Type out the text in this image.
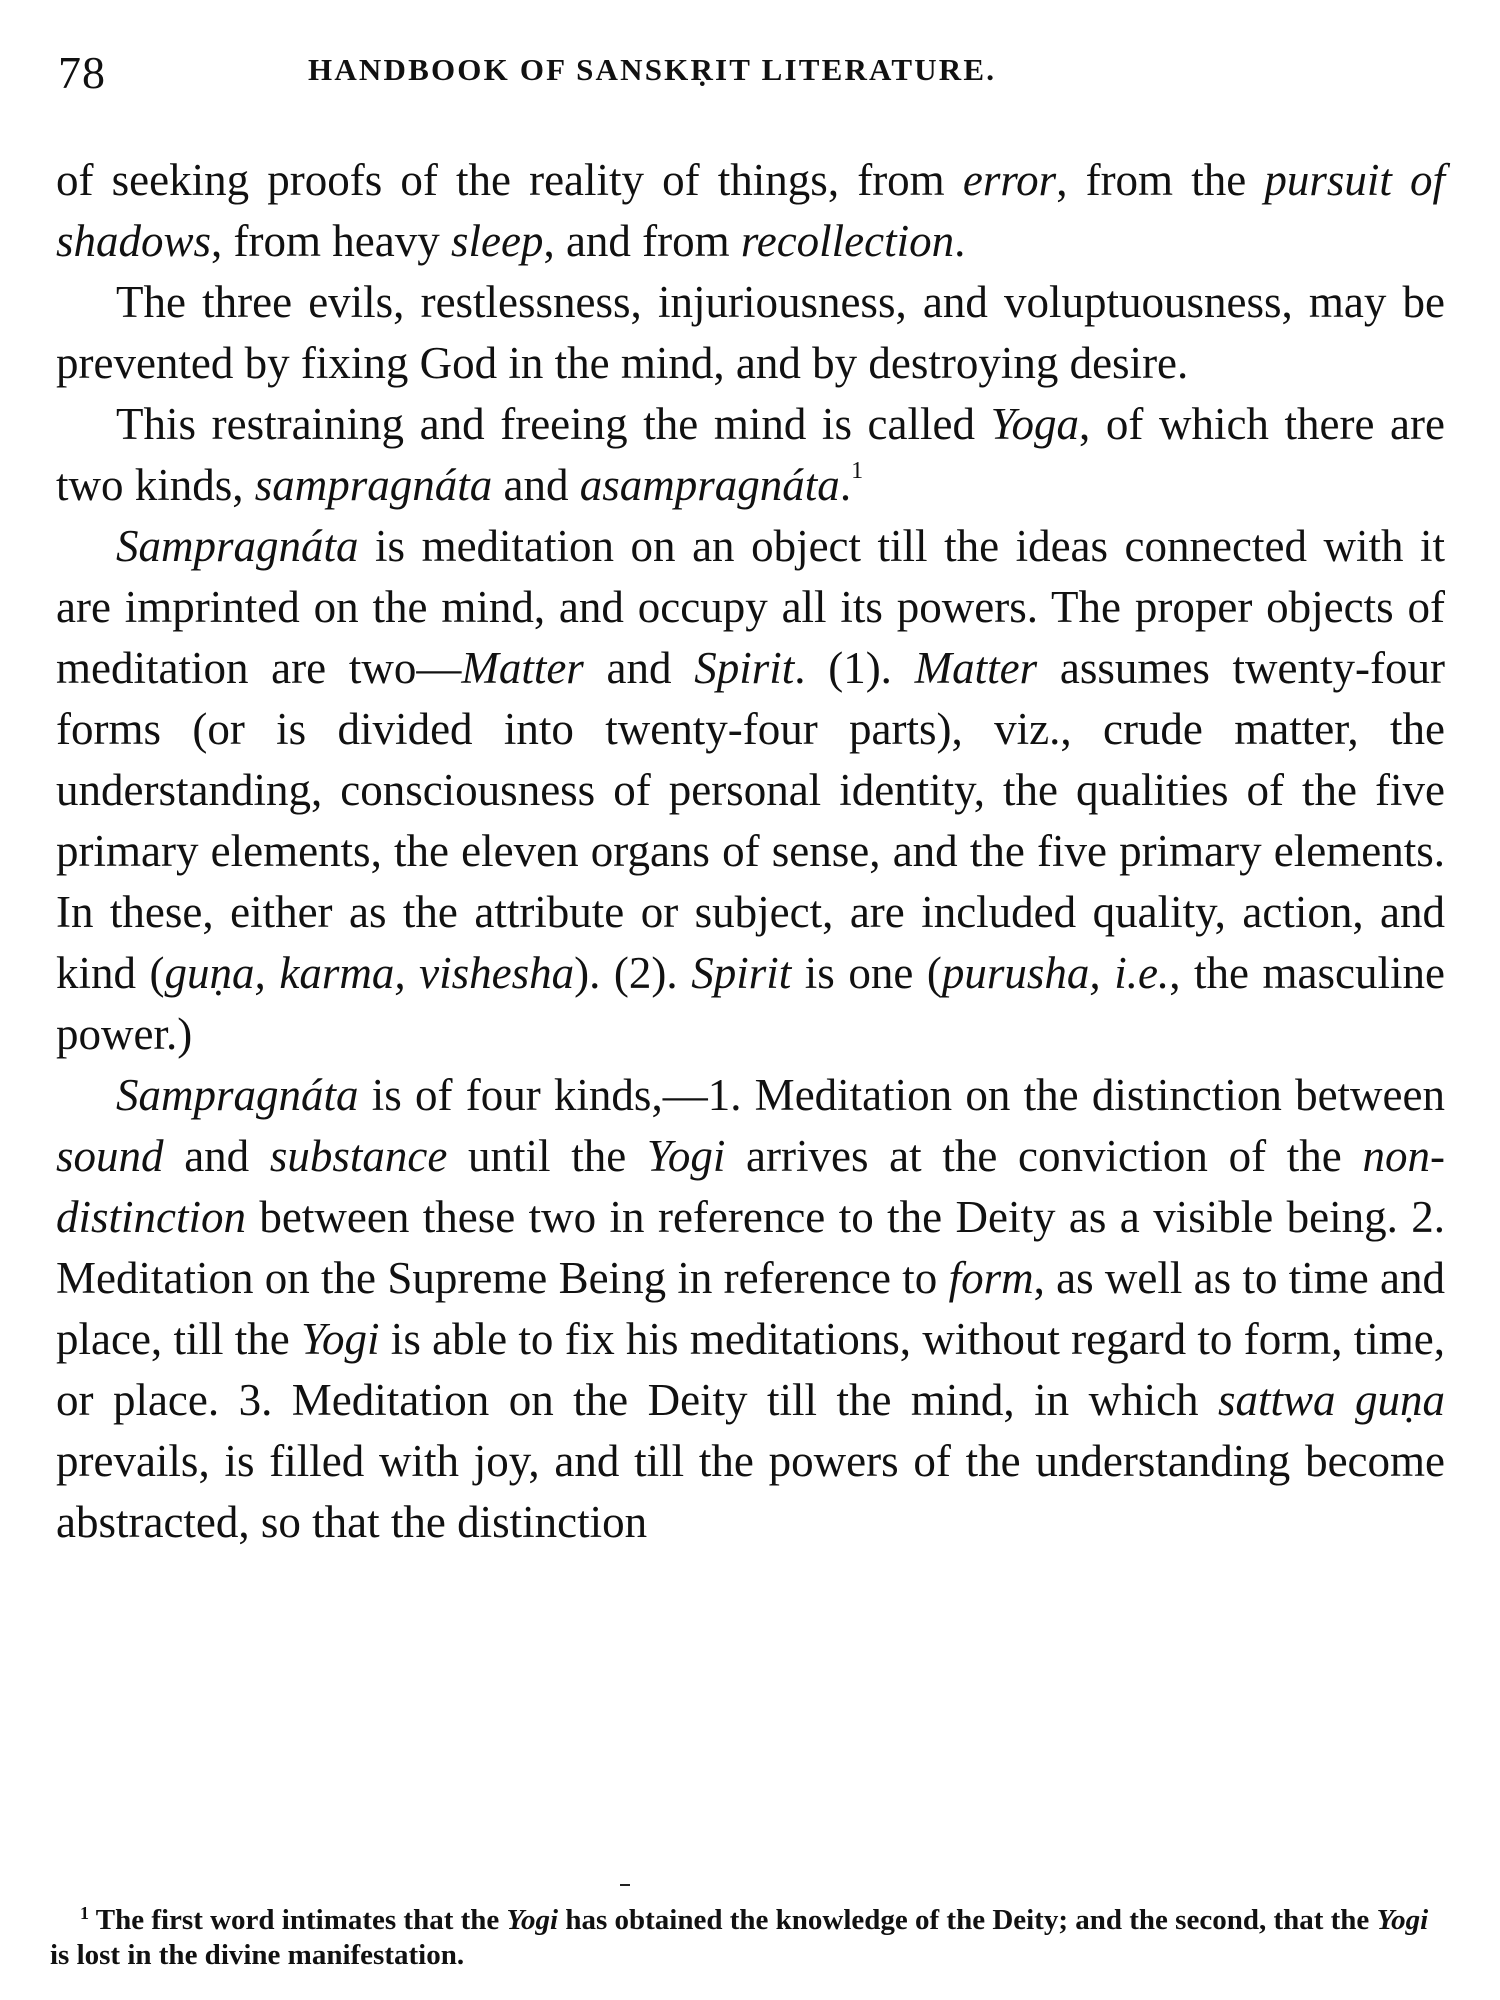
78	HANDBOOK OF SANSKṚIT LITERATURE.

of seeking proofs of the reality of things, from error, from the pursuit of shadows, from heavy sleep, and from recollection.

The three evils, restlessness, injuriousness, and voluptuousness, may be prevented by fixing God in the mind, and by destroying desire.

This restraining and freeing the mind is called Yoga, of which there are two kinds, sampragnáta and asampragnáta.$^1$

Sampragnáta is meditation on an object till the ideas connected with it are imprinted on the mind, and occupy all its powers. The proper objects of meditation are two—Matter and Spirit. (1). Matter assumes twenty-four forms (or is divided into twenty-four parts), viz., crude matter, the understanding, consciousness of personal identity, the qualities of the five primary elements, the eleven organs of sense, and the five primary elements. In these, either as the attribute or subject, are included quality, action, and kind (guṇa, karma, vishesha). (2). Spirit is one (purusha, i.e., the masculine power.)

Sampragnáta is of four kinds,—1. Meditation on the distinction between sound and substance until the Yogi arrives at the conviction of the non-distinction between these two in reference to the Deity as a visible being. 2. Meditation on the Supreme Being in reference to form, as well as to time and place, till the Yogi is able to fix his meditations, without regard to form, time, or place. 3. Meditation on the Deity till the mind, in which sattwa guṇa prevails, is filled with joy, and till the powers of the understanding become abstracted, so that the distinction

$^1$ The first word intimates that the Yogi has obtained the knowledge of the Deity; and the second, that the Yogi is lost in the divine manifestation.
